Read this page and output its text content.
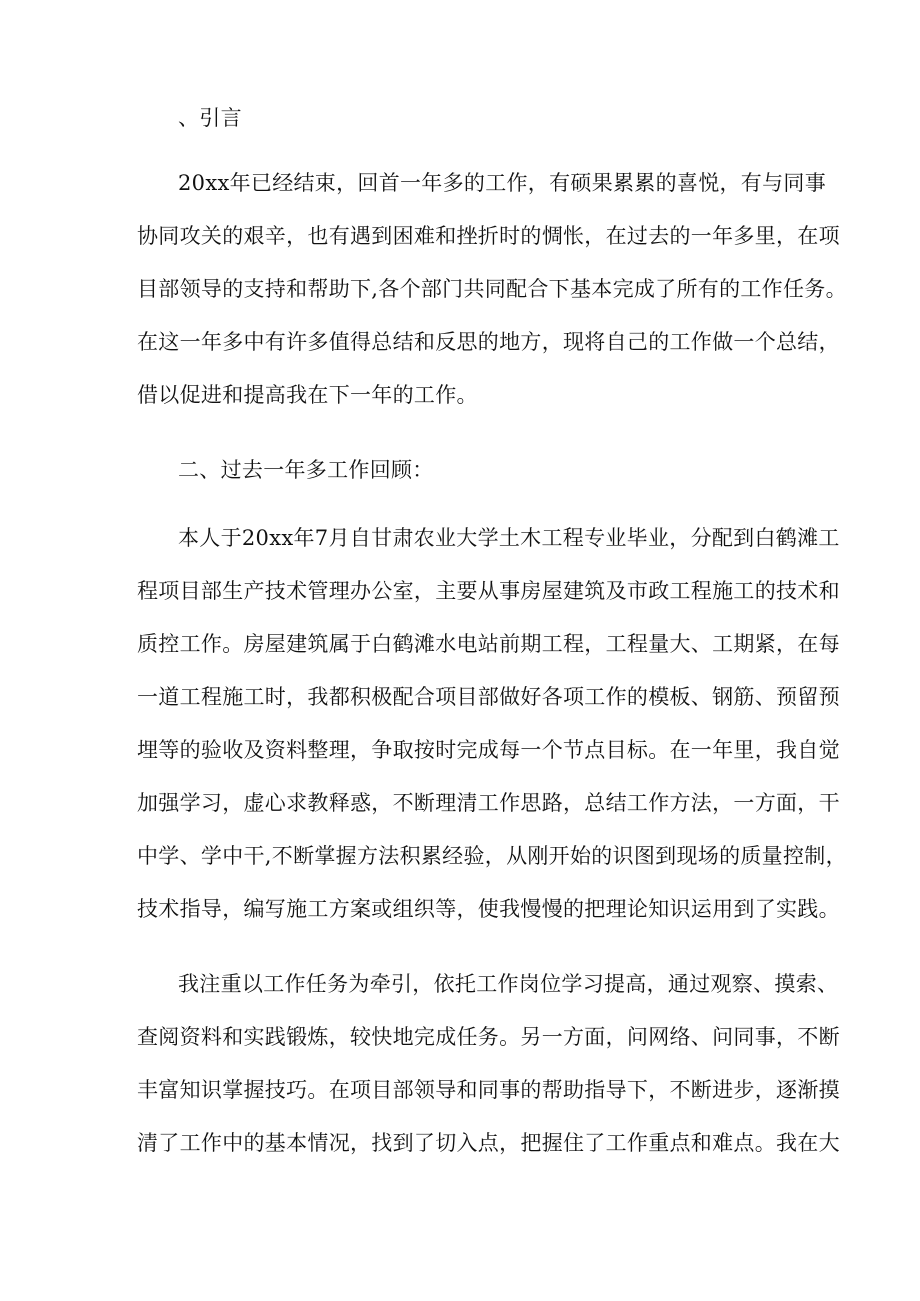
、引言
20xx年已经结束，回首一年多的工作，有硕果累累的喜悦，有与同事
协同攻关的艰辛，也有遇到困难和挫折时的惆怅，在过去的一年多里，在项
目部领导的支持和帮助下,各个部门共同配合下基本完成了所有的工作任务。
在这一年多中有许多值得总结和反思的地方，现将自己的工作做一个总结，
借以促进和提高我在下一年的工作。
二、过去一年多工作回顾：
本人于20xx年7月自甘肃农业大学土木工程专业毕业，分配到白鹤滩工
程项目部生产技术管理办公室，主要从事房屋建筑及市政工程施工的技术和
质控工作。房屋建筑属于白鹤滩水电站前期工程，工程量大、工期紧，在每
一道工程施工时，我都积极配合项目部做好各项工作的模板、钢筋、预留预
埋等的验收及资料整理，争取按时完成每一个节点目标。在一年里，我自觉
加强学习，虚心求教释惑，不断理清工作思路，总结工作方法，一方面，干
中学、学中干,不断掌握方法积累经验，从刚开始的识图到现场的质量控制，
技术指导，编写施工方案或组织等，使我慢慢的把理论知识运用到了实践。
我注重以工作任务为牵引，依托工作岗位学习提高，通过观察、摸索、
查阅资料和实践锻炼，较快地完成任务。另一方面，问网络、问同事，不断
丰富知识掌握技巧。在项目部领导和同事的帮助指导下，不断进步，逐渐摸
清了工作中的基本情况，找到了切入点，把握住了工作重点和难点。我在大
